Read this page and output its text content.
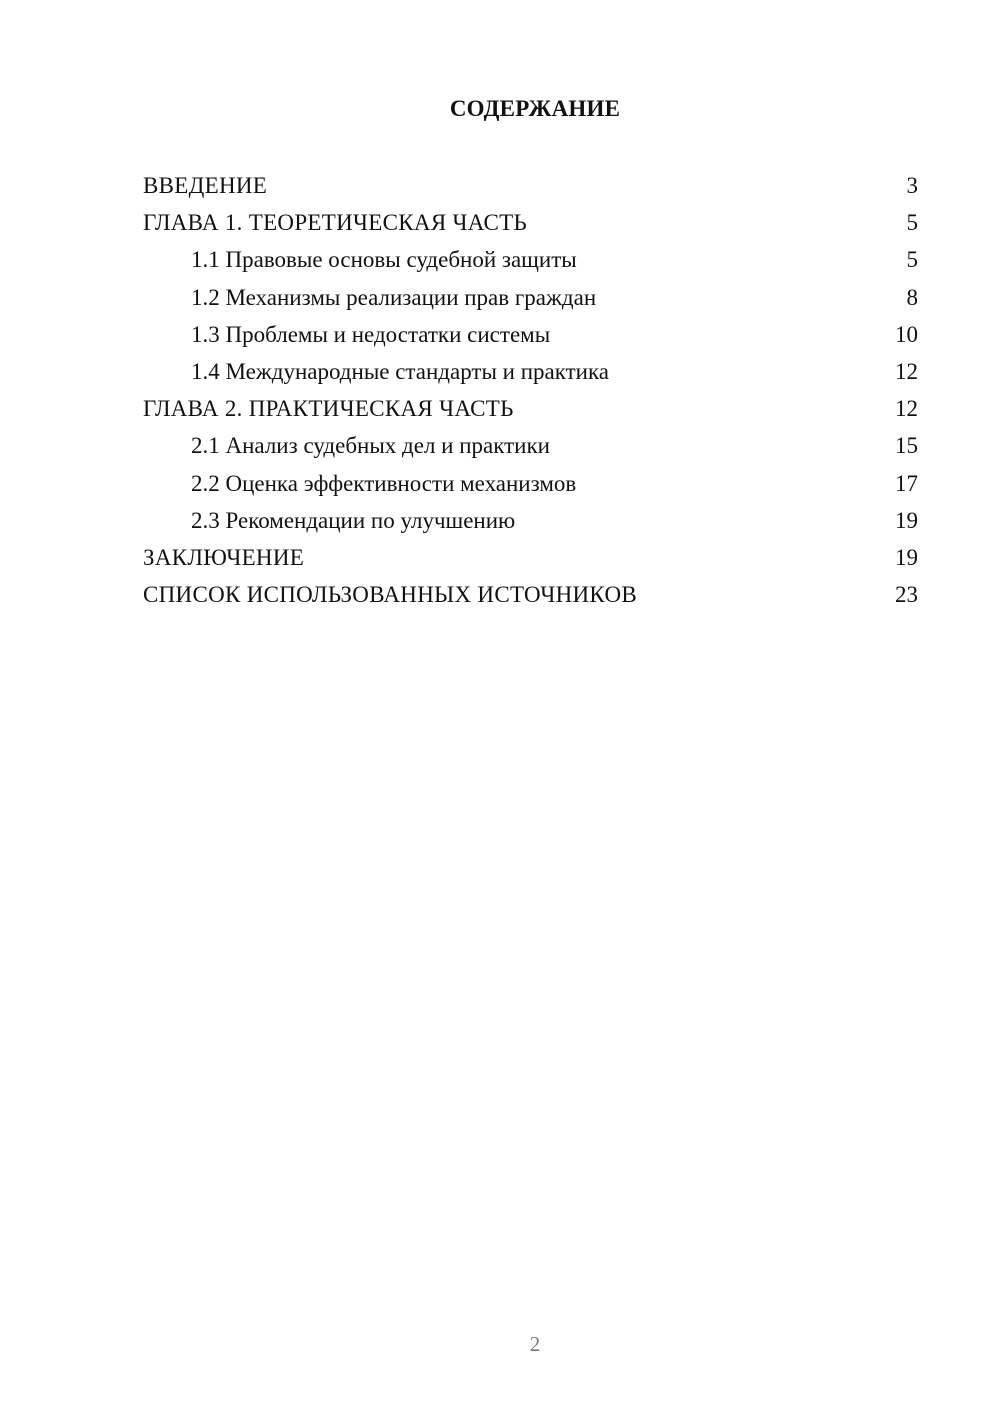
СОДЕРЖАНИЕ
ВВЕДЕНИЕ	3
ГЛАВА 1. ТЕОРЕТИЧЕСКАЯ ЧАСТЬ	5
1.1 Правовые основы судебной защиты	5
1.2 Механизмы реализации прав граждан	8
1.3 Проблемы и недостатки системы	10
1.4 Международные стандарты и практика	12
ГЛАВА 2. ПРАКТИЧЕСКАЯ ЧАСТЬ	12
2.1 Анализ судебных дел и практики	15
2.2 Оценка эффективности механизмов	17
2.3 Рекомендации по улучшению	19
ЗАКЛЮЧЕНИЕ	19
СПИСОК ИСПОЛЬЗОВАННЫХ ИСТОЧНИКОВ	23
2
